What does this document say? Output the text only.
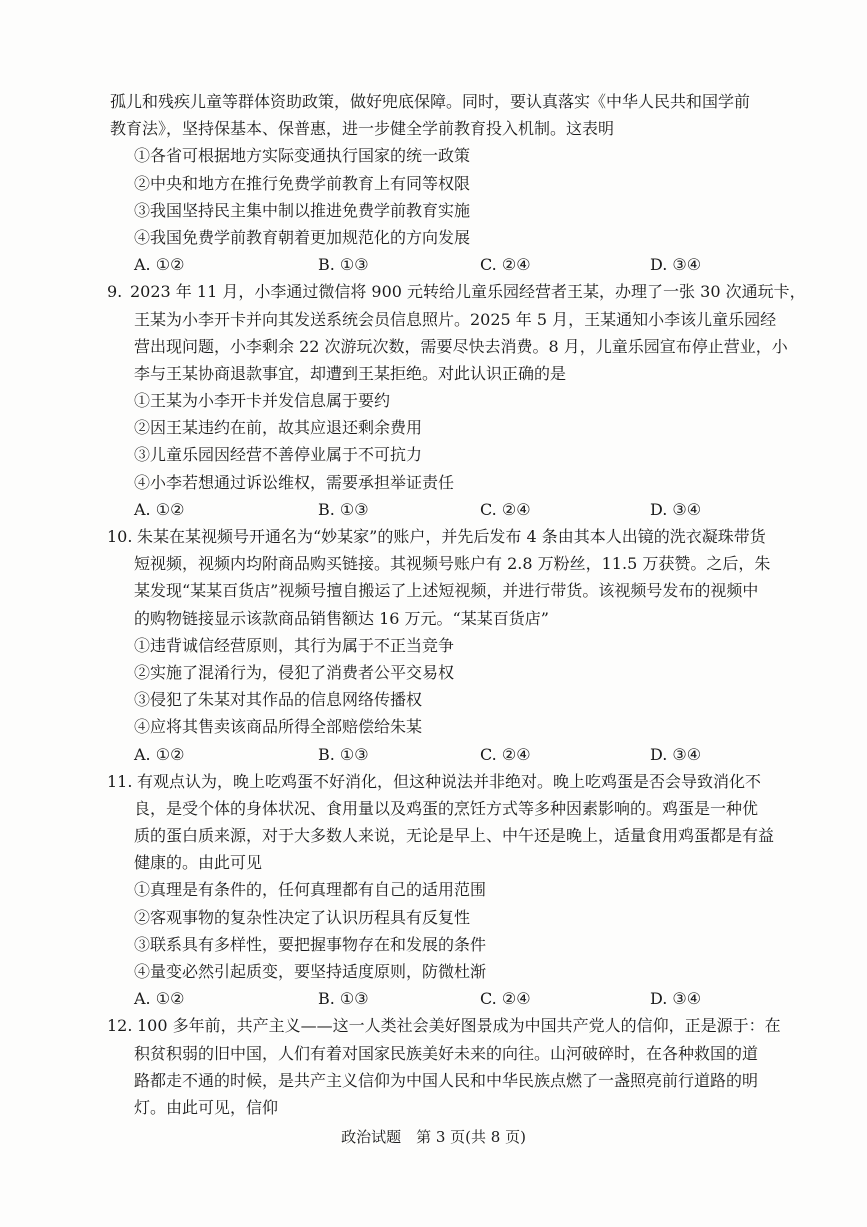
孤儿和残疾儿童等群体资助政策，做好兜底保障。同时，要认真落实《中华人民共和国学前
教育法》，坚持保基本、保普惠，进一步健全学前教育投入机制。这表明
①各省可根据地方实际变通执行国家的统一政策
②中央和地方在推行免费学前教育上有同等权限
③我国坚持民主集中制以推进免费学前教育实施
④我国免费学前教育朝着更加规范化的方向发展
A. ①②	B. ①③	C. ②④	D. ③④
9. 2023 年 11 月，小李通过微信将 900 元转给儿童乐园经营者王某，办理了一张 30 次通玩卡，
王某为小李开卡并向其发送系统会员信息照片。2025 年 5 月，王某通知小李该儿童乐园经
营出现问题，小李剩余 22 次游玩次数，需要尽快去消费。8 月，儿童乐园宣布停止营业，小
李与王某协商退款事宜，却遭到王某拒绝。对此认识正确的是
①王某为小李开卡并发信息属于要约
②因王某违约在前，故其应退还剩余费用
③儿童乐园因经营不善停业属于不可抗力
④小李若想通过诉讼维权，需要承担举证责任
A. ①②	B. ①③	C. ②④	D. ③④
10. 朱某在某视频号开通名为“妙某家”的账户，并先后发布 4 条由其本人出镜的洗衣凝珠带货
短视频，视频内均附商品购买链接。其视频号账户有 2.8 万粉丝，11.5 万获赞。之后，朱
某发现“某某百货店”视频号擅自搬运了上述短视频，并进行带货。该视频号发布的视频中
的购物链接显示该款商品销售额达 16 万元。“某某百货店”
①违背诚信经营原则，其行为属于不正当竞争
②实施了混淆行为，侵犯了消费者公平交易权
③侵犯了朱某对其作品的信息网络传播权
④应将其售卖该商品所得全部赔偿给朱某
A. ①②	B. ①③	C. ②④	D. ③④
11. 有观点认为，晚上吃鸡蛋不好消化，但这种说法并非绝对。晚上吃鸡蛋是否会导致消化不
良，是受个体的身体状况、食用量以及鸡蛋的烹饪方式等多种因素影响的。鸡蛋是一种优
质的蛋白质来源，对于大多数人来说，无论是早上、中午还是晚上，适量食用鸡蛋都是有益
健康的。由此可见
①真理是有条件的，任何真理都有自己的适用范围
②客观事物的复杂性决定了认识历程具有反复性
③联系具有多样性，要把握事物存在和发展的条件
④量变必然引起质变，要坚持适度原则，防微杜渐
A. ①②	B. ①③	C. ②④	D. ③④
12. 100 多年前，共产主义——这一人类社会美好图景成为中国共产党人的信仰，正是源于：在
积贫积弱的旧中国，人们有着对国家民族美好未来的向往。山河破碎时，在各种救国的道
路都走不通的时候，是共产主义信仰为中国人民和中华民族点燃了一盏照亮前行道路的明
灯。由此可见，信仰
政治试题　第 3 页(共 8 页)
